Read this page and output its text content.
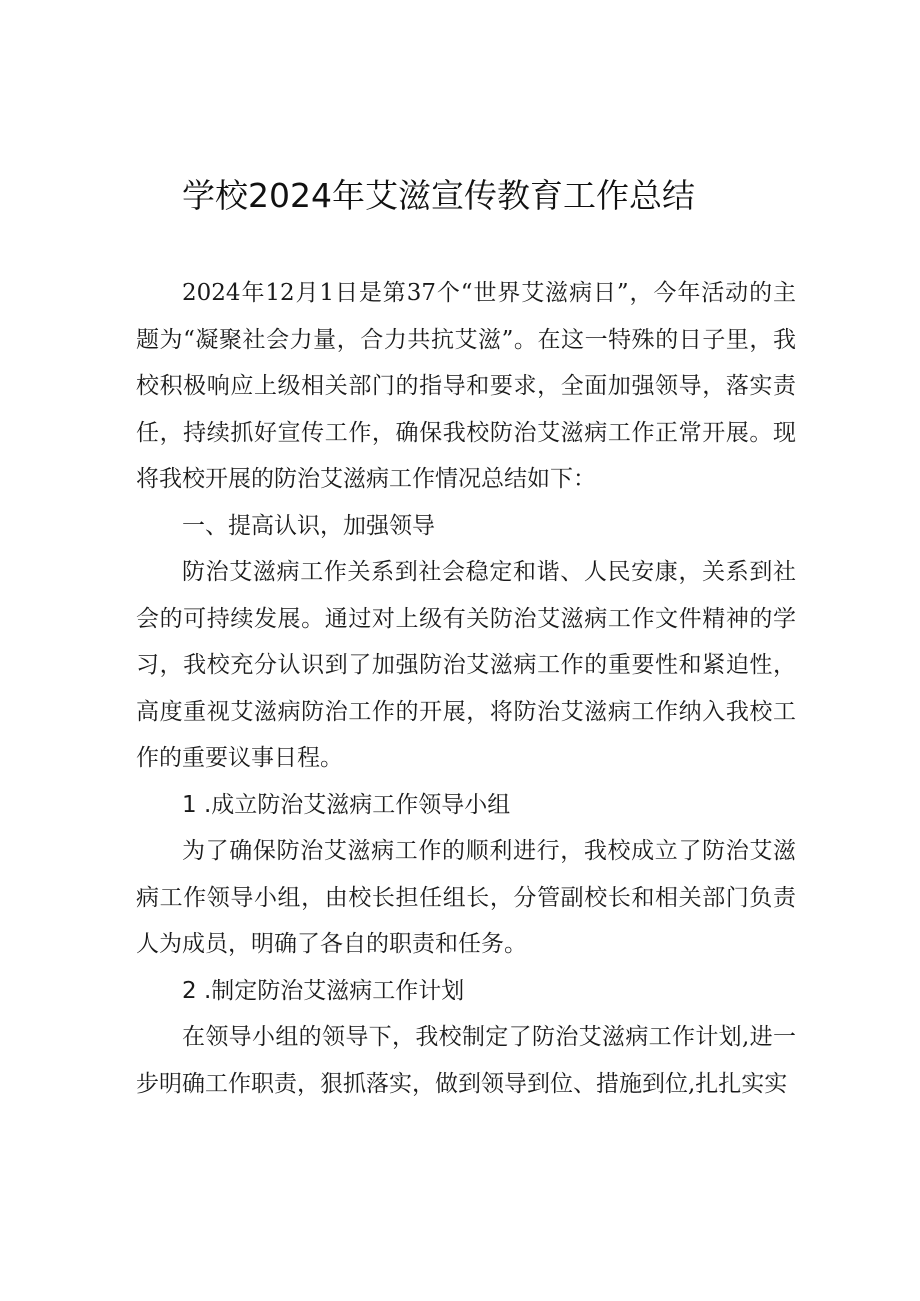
学校2024年艾滋宣传教育工作总结

2024年12月1日是第37个“世界艾滋病日”，今年活动的主题为“凝聚社会力量，合力共抗艾滋”。在这一特殊的日子里，我校积极响应上级相关部门的指导和要求，全面加强领导，落实责任，持续抓好宣传工作，确保我校防治艾滋病工作正常开展。现将我校开展的防治艾滋病工作情况总结如下：

一、提高认识，加强领导

防治艾滋病工作关系到社会稳定和谐、人民安康，关系到社会的可持续发展。通过对上级有关防治艾滋病工作文件精神的学习，我校充分认识到了加强防治艾滋病工作的重要性和紧迫性，高度重视艾滋病防治工作的开展，将防治艾滋病工作纳入我校工作的重要议事日程。

1 .成立防治艾滋病工作领导小组

为了确保防治艾滋病工作的顺利进行，我校成立了防治艾滋病工作领导小组，由校长担任组长，分管副校长和相关部门负责人为成员，明确了各自的职责和任务。

2 .制定防治艾滋病工作计划

在领导小组的领导下，我校制定了防治艾滋病工作计划,进一步明确工作职责，狠抓落实，做到领导到位、措施到位,扎扎实实
